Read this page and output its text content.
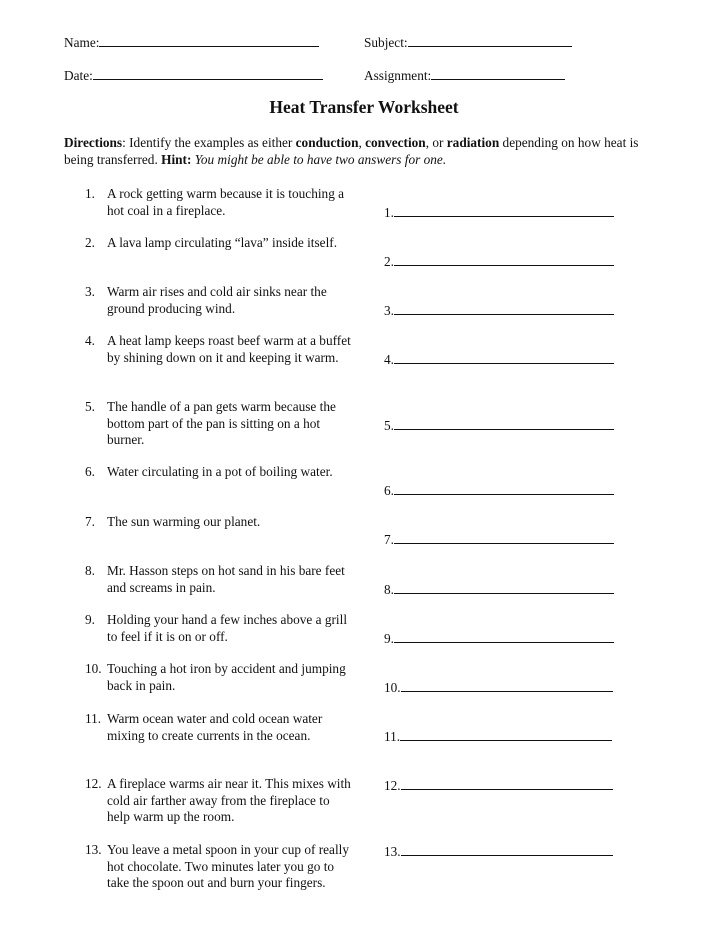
Name:	Subject:
Date:	Assignment:
Heat Transfer Worksheet
Directions: Identify the examples as either conduction, convection, or radiation depending on how heat is being transferred. Hint: You might be able to have two answers for one.
1. A rock getting warm because it is touching a hot coal in a fireplace.	1.
2. A lava lamp circulating “lava” inside itself.
2.
3. Warm air rises and cold air sinks near the ground producing wind.	3.
4. A heat lamp keeps roast beef warm at a buffet by shining down on it and keeping it warm.	4.
5. The handle of a pan gets warm because the bottom part of the pan is sitting on a hot burner.
5.
6. Water circulating in a pot of boiling water.
6.
7. The sun warming our planet.
7.
8. Mr. Hasson steps on hot sand in his bare feet and screams in pain.	8.
9. Holding your hand a few inches above a grill to feel if it is on or off.	9.
10. Touching a hot iron by accident and jumping back in pain.	10.
11. Warm ocean water and cold ocean water mixing to create currents in the ocean.	11.
12. A fireplace warms air near it. This mixes with cold air farther away from the fireplace to help warm up the room.
12.
13. You leave a metal spoon in your cup of really hot chocolate. Two minutes later you go to take the spoon out and burn your fingers.
13.
